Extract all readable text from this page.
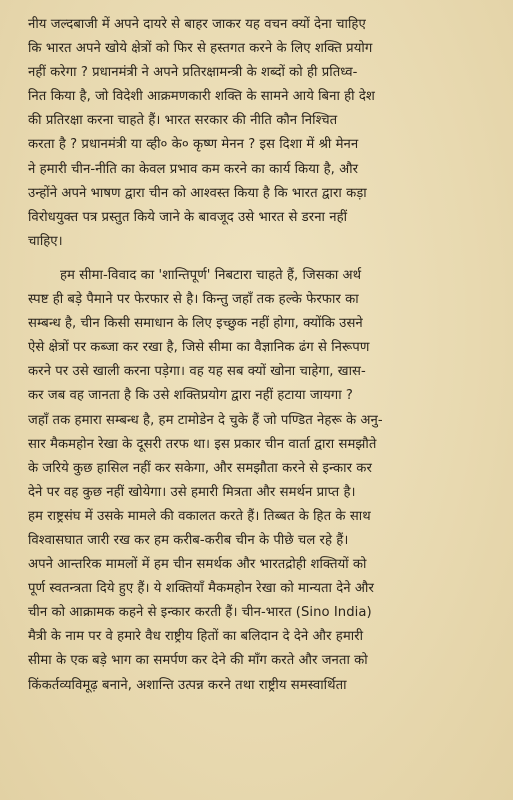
नीय जल्दबाजी में अपने दायरे से बाहर जाकर यह वचन क्यों देना चाहिए
कि भारत अपने खोये क्षेत्रों को फिर से हस्तगत करने के लिए शक्ति प्रयोग
नहीं करेगा ? प्रधानमंत्री ने अपने प्रतिरक्षामन्त्री के शब्दों को ही प्रतिध्व-
नित किया है, जो विदेशी आक्रमणकारी शक्ति के सामने आये बिना ही देश
की प्रतिरक्षा करना चाहते हैं। भारत सरकार की नीति कौन निश्चित
करता है ? प्रधानमंत्री या व्ही० के० कृष्ण मेनन ? इस दिशा में श्री मेनन
ने हमारी चीन-नीति का केवल प्रभाव कम करने का कार्य किया है, और
उन्होंने अपने भाषण द्वारा चीन को आश्वस्त किया है कि भारत द्वारा कड़ा
विरोधयुक्त पत्र प्रस्तुत किये जाने के बावजूद उसे भारत से डरना नहीं
चाहिए।
हम सीमा-विवाद का 'शान्तिपूर्ण' निबटारा चाहते हैं, जिसका अर्थ
स्पष्ट ही बड़े पैमाने पर फेरफार से है। किन्तु जहाँ तक हल्के फेरफार का
सम्बन्ध है, चीन किसी समाधान के लिए इच्छुक नहीं होगा, क्योंकि उसने
ऐसे क्षेत्रों पर कब्जा कर रखा है, जिसे सीमा का वैज्ञानिक ढंग से निरूपण
करने पर उसे खाली करना पड़ेगा। वह यह सब क्यों खोना चाहेगा, खास-
कर जब वह जानता है कि उसे शक्तिप्रयोग द्वारा नहीं हटाया जायगा ?
जहाँ तक हमारा सम्बन्ध है, हम टामोडेन दे चुके हैं जो पण्डित नेहरू के अनु-
सार मैकमहोन रेखा के दूसरी तरफ था। इस प्रकार चीन वार्ता द्वारा समझौते
के जरिये कुछ हासिल नहीं कर सकेगा, और समझौता करने से इन्कार कर
देने पर वह कुछ नहीं खोयेगा। उसे हमारी मित्रता और समर्थन प्राप्त है।
हम राष्ट्रसंघ में उसके मामले की वकालत करते हैं। तिब्बत के हित के साथ
विश्वासघात जारी रख कर हम करीब-करीब चीन के पीछे चल रहे हैं।
अपने आन्तरिक मामलों में हम चीन समर्थक और भारतद्रोही शक्तियों को
पूर्ण स्वतन्त्रता दिये हुए हैं। ये शक्तियाँ मैकमहोन रेखा को मान्यता देने और
चीन को आक्रामक कहने से इन्कार करती हैं। चीन-भारत (Sino India)
मैत्री के नाम पर वे हमारे वैध राष्ट्रीय हितों का बलिदान दे देने और हमारी
सीमा के एक बड़े भाग का समर्पण कर देने की माँग करते और जनता को
किंकर्तव्यविमूढ़ बनाने, अशान्ति उत्पन्न करने तथा राष्ट्रीय समस्वार्थिता
